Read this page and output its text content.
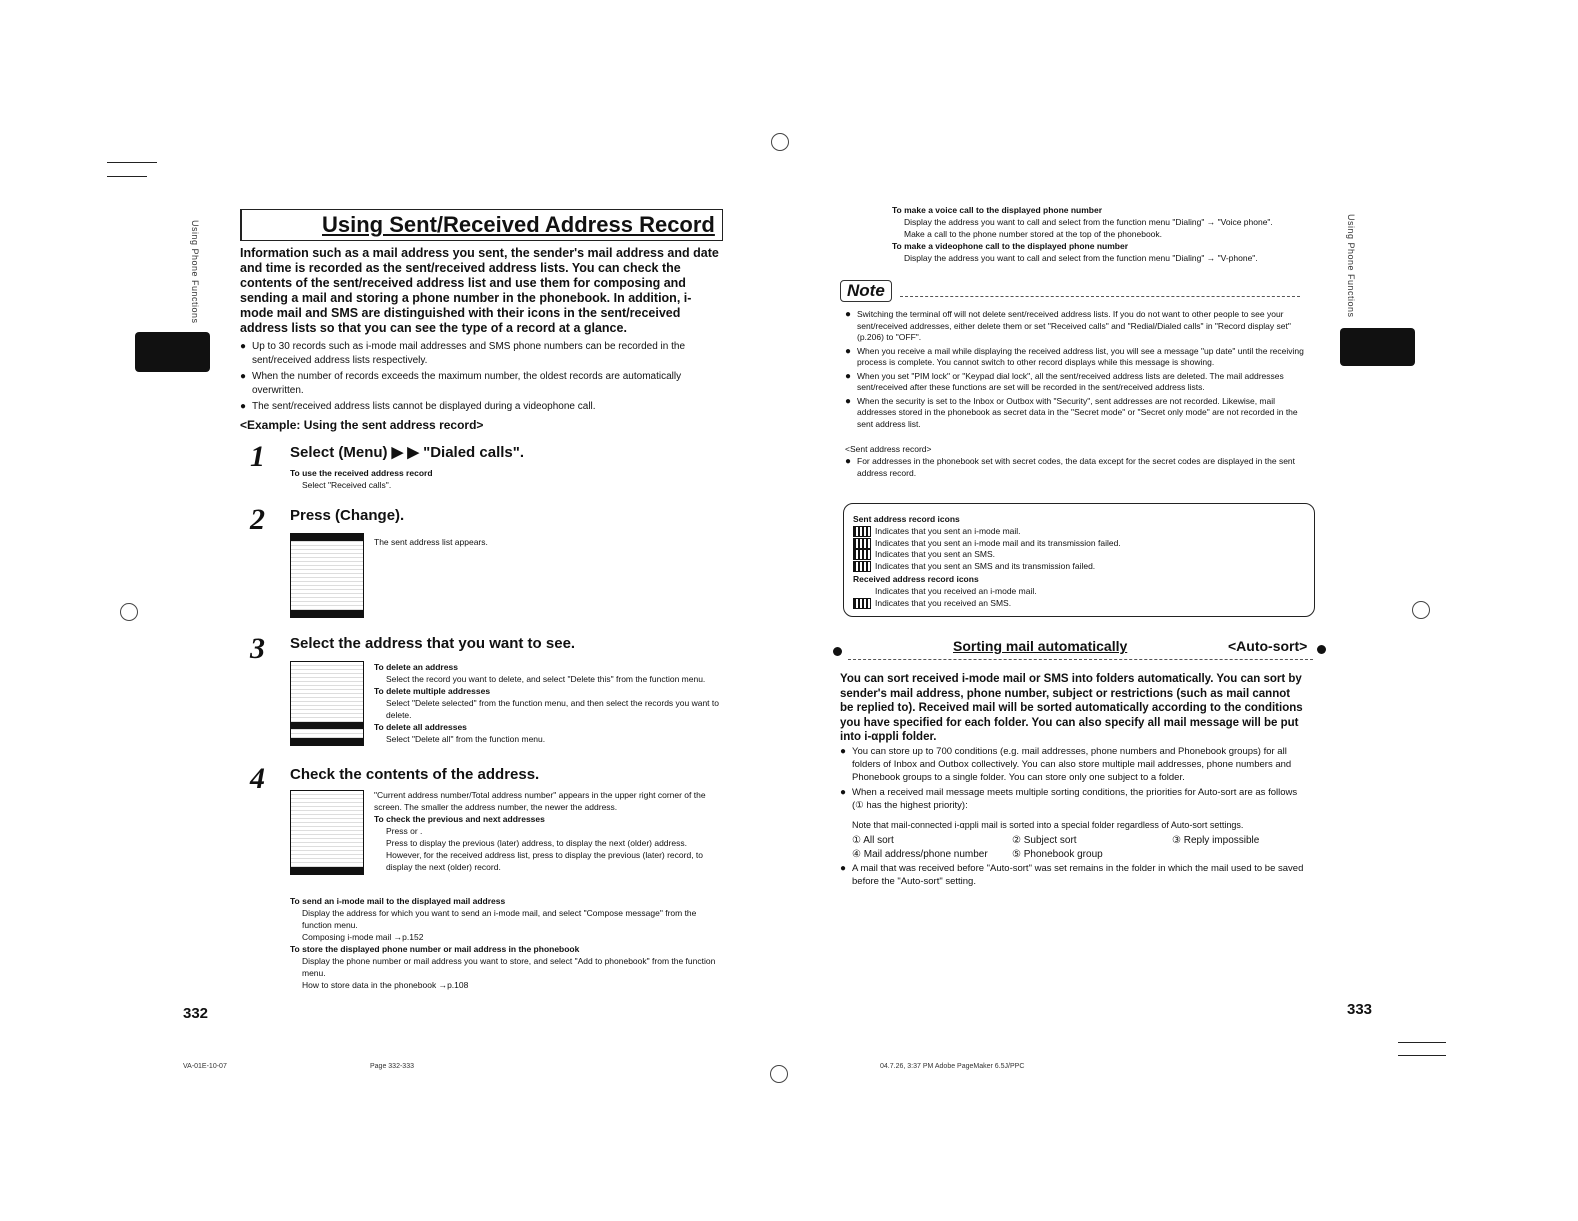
Using Phone Functions	Using Sent/Received Address Record
Information such as a mail address you sent, the sender's mail address and date and time is recorded as the sent/received address lists. You can check the contents of the sent/received address list and use them for composing and sending a mail and storing a phone number in the phonebook. In addition, i-mode mail and SMS are distinguished with their icons in the sent/received address lists so that you can see the type of a record at a glance.
● Up to 30 records such as i-mode mail addresses and SMS phone numbers can be recorded in the sent/received address lists respectively.
● When the number of records exceeds the maximum number, the oldest records are automatically overwritten.
● The sent/received address lists cannot be displayed during a videophone call.
<Example: Using the sent address record>
1 Select (Menu) ▶ ▶ "Dialed calls".
To use the received address record
Select "Received calls".
2 Press (Change).
The sent address list appears.
3 Select the address that you want to see.
To delete an address
Select the record you want to delete, and select "Delete this" from the function menu.
To delete multiple addresses
Select "Delete selected" from the function menu, and then select the records you want to delete.
To delete all addresses
Select "Delete all" from the function menu.
4 Check the contents of the address.
"Current address number/Total address number" appears in the upper right corner of the screen. The smaller the address number, the newer the address.
To check the previous and next addresses
Press or .
Press to display the previous (later) address, to display the next (older) address.
However, for the received address list, press to display the previous (later) record, to display the next (older) record.
To send an i-mode mail to the displayed mail address
Display the address for which you want to send an i-mode mail, and select "Compose message" from the function menu.
Composing i-mode mail →p.152
To store the displayed phone number or mail address in the phonebook
Display the phone number or mail address you want to store, and select "Add to phonebook" from the function menu.
How to store data in the phonebook →p.108
332
VA-01E-10-07	Page 332-333
Using Phone Functions
To make a voice call to the displayed phone number
Display the address you want to call and select from the function menu "Dialing" → "Voice phone".
Make a call to the phone number stored at the top of the phonebook.
To make a videophone call to the displayed phone number
Display the address you want to call and select from the function menu "Dialing" → "V-phone".
Note
● Switching the terminal off will not delete sent/received address lists. If you do not want to other people to see your sent/received addresses, either delete them or set "Received calls" and "Redial/Dialed calls" in "Record display set" (p.206) to "OFF".
● When you receive a mail while displaying the received address list, you will see a message "up date" until the receiving process is complete. You cannot switch to other record displays while this message is showing.
● When you set "PIM lock" or "Keypad dial lock", all the sent/received address lists are deleted. The mail addresses sent/received after these functions are set will be recorded in the sent/received address lists.
● When the security is set to the Inbox or Outbox with "Security", sent addresses are not recorded. Likewise, mail addresses stored in the phonebook as secret data in the "Secret mode" or "Secret only mode" are not recorded in the sent address list.
<Sent address record>
● For addresses in the phonebook set with secret codes, the data except for the secret codes are displayed in the sent address record.
Sent address record icons
Indicates that you sent an i-mode mail.
Indicates that you sent an i-mode mail and its transmission failed.
Indicates that you sent an SMS.
Indicates that you sent an SMS and its transmission failed.
Received address record icons
Indicates that you received an i-mode mail.
Indicates that you received an SMS.
Sorting mail automatically	<Auto-sort>
You can sort received i-mode mail or SMS into folders automatically. You can sort by sender's mail address, phone number, subject or restrictions (such as mail cannot be replied to). Received mail will be sorted automatically according to the conditions you have specified for each folder. You can also specify all mail message will be put into i-αppli folder.
● You can store up to 700 conditions (e.g. mail addresses, phone numbers and Phonebook groups) for all folders of Inbox and Outbox collectively. You can also store multiple mail addresses, phone numbers and Phonebook groups to a single folder. You can store only one subject to a folder.
● When a received mail message meets multiple sorting conditions, the priorities for Auto-sort are as follows (① has the highest priority):
Note that mail-connected i-αppli mail is sorted into a special folder regardless of Auto-sort settings.
① All sort	② Subject sort	③ Reply impossible
④ Mail address/phone number ⑤ Phonebook group
● A mail that was received before "Auto-sort" was set remains in the folder in which the mail used to be saved before the "Auto-sort" setting.
333
04.7.26, 3:37 PM Adobe PageMaker 6.5J/PPC
